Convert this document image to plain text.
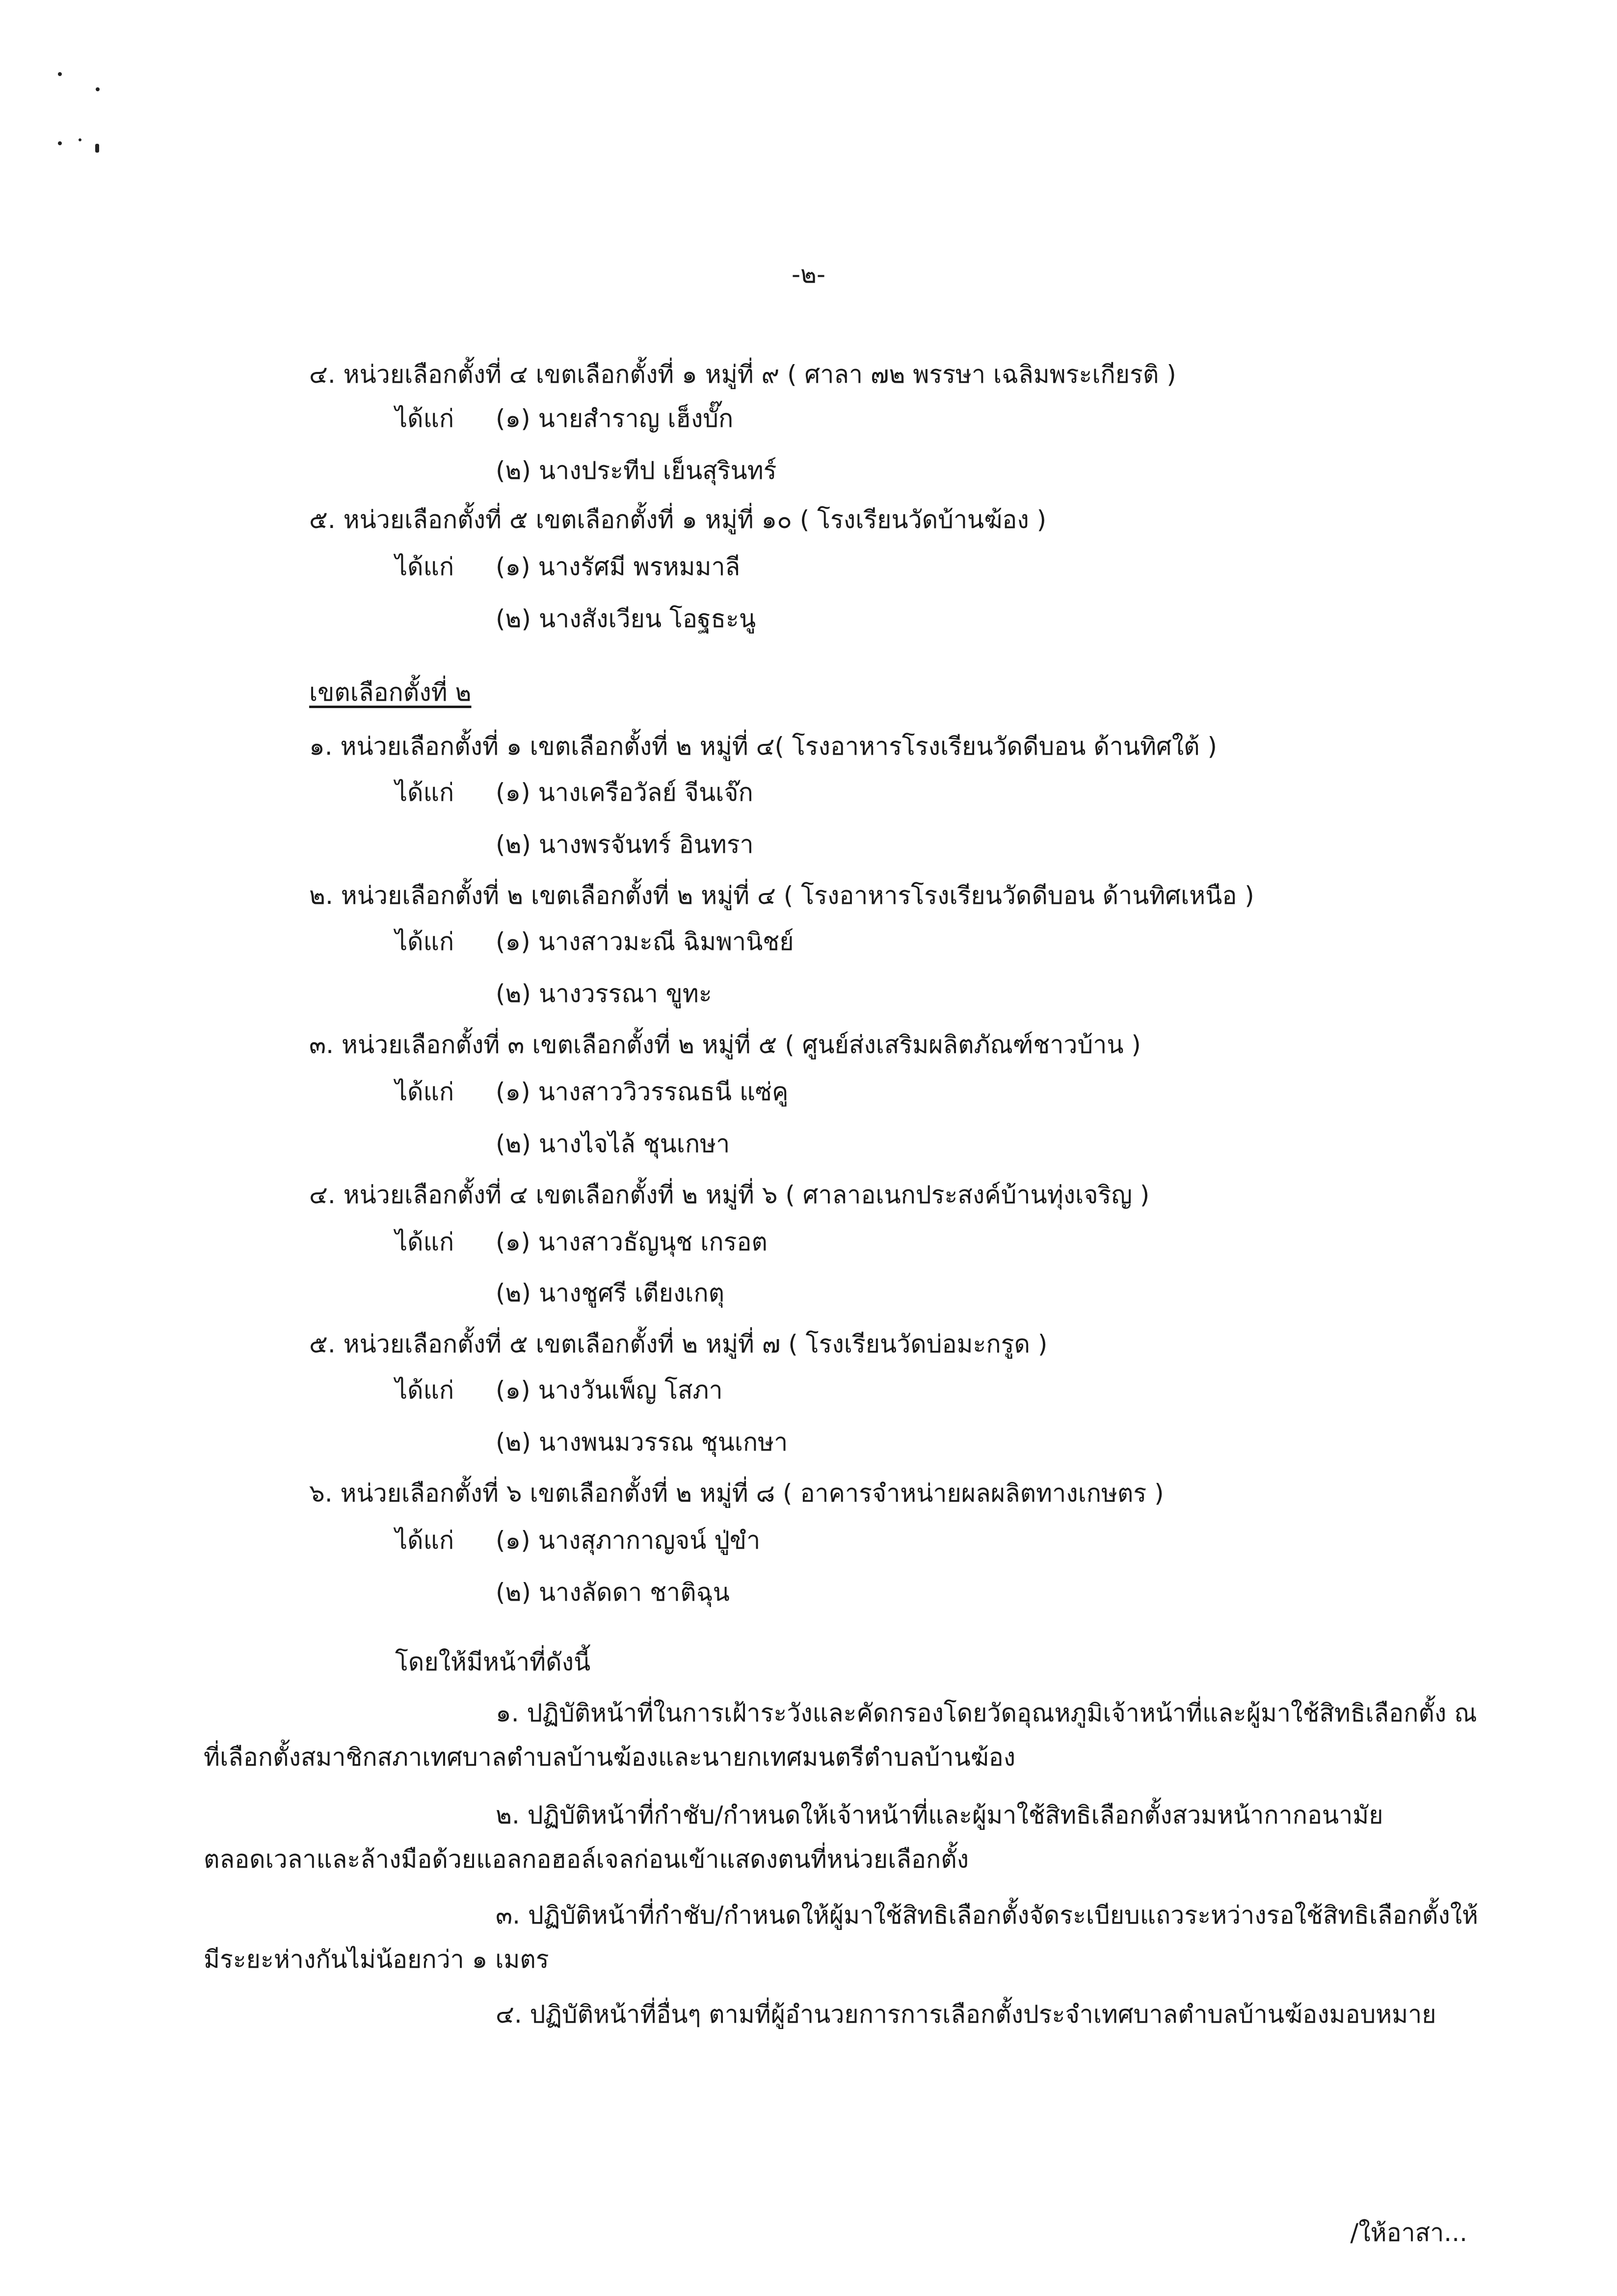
-๒-
๔. หน่วยเลือกตั้งที่ ๔ เขตเลือกตั้งที่ ๑ หมู่ที่ ๙ ( ศาลา ๗๒ พรรษา เฉลิมพระเกียรติ )
ได้แก่ (๑) นายสำราญ เฮ็งบั๊ก
(๒) นางประทีป เย็นสุรินทร์
๕. หน่วยเลือกตั้งที่ ๕ เขตเลือกตั้งที่ ๑ หมู่ที่ ๑๐ ( โรงเรียนวัดบ้านฆ้อง )
ได้แก่ (๑) นางรัศมี พรหมมาลี
(๒) นางสังเวียน โอฐธะนู
เขตเลือกตั้งที่ ๒
๑. หน่วยเลือกตั้งที่ ๑ เขตเลือกตั้งที่ ๒ หมู่ที่ ๔( โรงอาหารโรงเรียนวัดดีบอน ด้านทิศใต้ )
ได้แก่ (๑) นางเครือวัลย์ จีนเจ๊ก
(๒) นางพรจันทร์ อินทรา
๒. หน่วยเลือกตั้งที่ ๒ เขตเลือกตั้งที่ ๒ หมู่ที่ ๔ ( โรงอาหารโรงเรียนวัดดีบอน ด้านทิศเหนือ )
ได้แก่ (๑) นางสาวมะณี ฉิมพานิชย์
(๒) นางวรรณา ขูทะ
๓. หน่วยเลือกตั้งที่ ๓ เขตเลือกตั้งที่ ๒ หมู่ที่ ๕ ( ศูนย์ส่งเสริมผลิตภัณฑ์ชาวบ้าน )
ได้แก่ (๑) นางสาววิวรรณธนี แซ่คู
(๒) นางไจไล้ ชุนเกษา
๔. หน่วยเลือกตั้งที่ ๔ เขตเลือกตั้งที่ ๒ หมู่ที่ ๖ ( ศาลาอเนกประสงค์บ้านทุ่งเจริญ )
ได้แก่ (๑) นางสาวธัญนุช เกรอต
(๒) นางชูศรี เตียงเกตุ
๕. หน่วยเลือกตั้งที่ ๕ เขตเลือกตั้งที่ ๒ หมู่ที่ ๗ ( โรงเรียนวัดบ่อมะกรูด )
ได้แก่ (๑) นางวันเพ็ญ โสภา
(๒) นางพนมวรรณ ชุนเกษา
๖. หน่วยเลือกตั้งที่ ๖ เขตเลือกตั้งที่ ๒ หมู่ที่ ๘ ( อาคารจำหน่ายผลผลิตทางเกษตร )
ได้แก่ (๑) นางสุภากาญจน์ ปู่ขำ
(๒) นางลัดดา ชาติฉุน
โดยให้มีหน้าที่ดังนี้
๑. ปฏิบัติหน้าที่ในการเฝ้าระวังและคัดกรองโดยวัดอุณหภูมิเจ้าหน้าที่และผู้มาใช้สิทธิเลือกตั้ง ณ
ที่เลือกตั้งสมาชิกสภาเทศบาลตำบลบ้านฆ้องและนายกเทศมนตรีตำบลบ้านฆ้อง
๒. ปฏิบัติหน้าที่กำชับ/กำหนดให้เจ้าหน้าที่และผู้มาใช้สิทธิเลือกตั้งสวมหน้ากากอนามัย
ตลอดเวลาและล้างมือด้วยแอลกอฮอล์เจลก่อนเข้าแสดงตนที่หน่วยเลือกตั้ง
๓. ปฏิบัติหน้าที่กำชับ/กำหนดให้ผู้มาใช้สิทธิเลือกตั้งจัดระเบียบแถวระหว่างรอใช้สิทธิเลือกตั้งให้
มีระยะห่างกันไม่น้อยกว่า ๑ เมตร
๔. ปฏิบัติหน้าที่อื่นๆ ตามที่ผู้อำนวยการการเลือกตั้งประจำเทศบาลตำบลบ้านฆ้องมอบหมาย
/ให้อาสา...
